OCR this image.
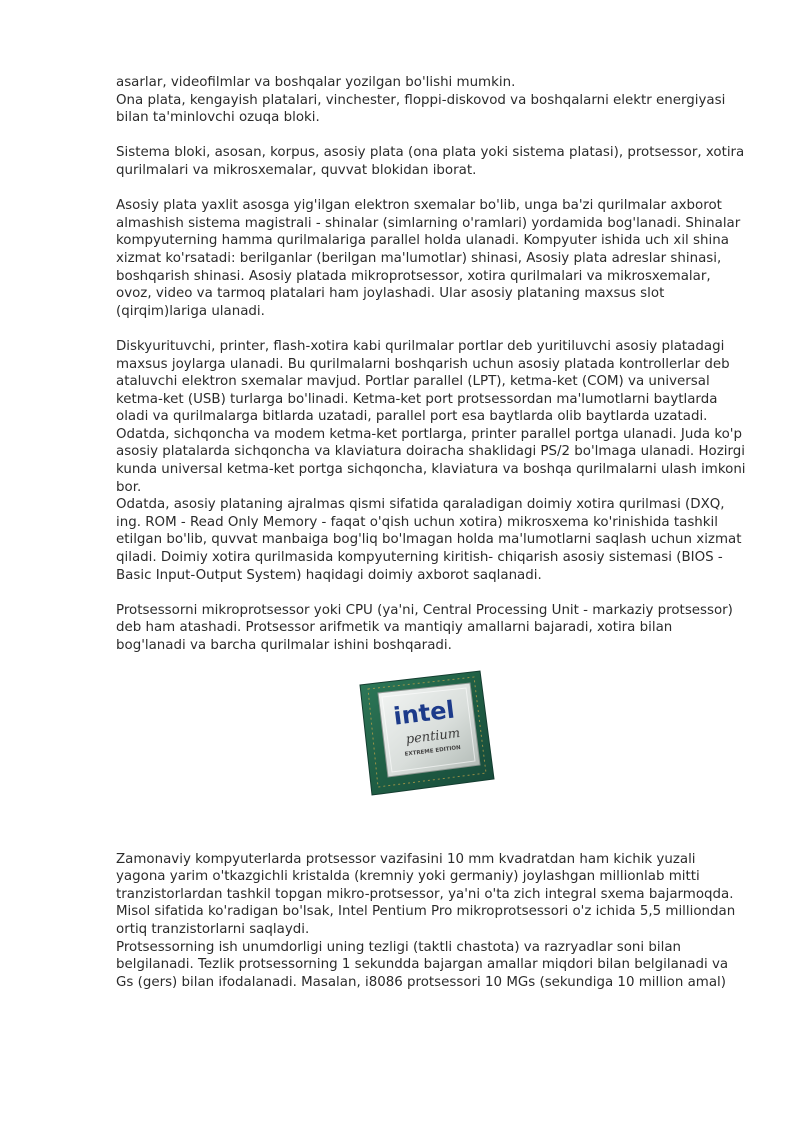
asarlar, videofilmlar va boshqalar yozilgan bo'lishi mumkin.

Ona plata, kengayish plataIari, vinchester, floppi-diskovod va boshqalarni elektr energiyasi bilan ta'minlovchi ozuqa bloki.

Sistema bloki, asosan, korpus, asosiy plata (ona plata yoki sistema platasi), protsessor, xotira qurilmalari va mikrosxemalar, quvvat blokidan iborat.

Asosiy plata yaxlit asosga yig'ilgan elektron sxemalar bo'lib, unga ba'zi qurilmalar axborot almashish sistema magistrali - shinalar (simlarning o'ramlari) yordamida bog'lanadi. Shinalar kompyuterning hamma qurilmalariga parallel holda ulanadi. Kompyuter ishida uch xil shina xizmat ko'rsatadi: berilganlar (berilgan ma'lumotlar) shinasi, Asosiy plata adreslar shinasi, boshqarish shinasi. Asosiy platada mikroprotsessor, xotira qurilmalari va mikrosxemalar, ovoz, video va tarmoq platalari ham joylashadi. Ular asosiy plataning maxsus slot (qirqim)lariga ulanadi.

Diskyurituvchi, printer, flash-xotira kabi qurilmalar portlar deb yuritiluvchi asosiy platadagi maxsus joylarga ulanadi. Bu qurilmalarni boshqarish uchun asosiy platada kontrollerlar deb ataluvchi elektron sxemalar mavjud. Portlar parallel (LPT), ketma-ket (COM) va universal ketma-ket (USB) turlarga bo'linadi. Ketma-ket port protsessordan ma'lumotlarni baytlarda oladi va qurilmalarga bitlarda uzatadi, parallel port esa baytlarda olib baytlarda uzatadi. Odatda, sichqoncha va modem ketma-ket portlarga, printer parallel portga ulanadi. Juda ko'p asosiy platalarda sichqoncha va klaviatura doiracha shaklidagi PS/2 bo'lmaga ulanadi. Hozirgi kunda universal ketma-ket portga sichqoncha, klaviatura va boshqa qurilmalarni ulash imkoni bor.

Odatda, asosiy plataning ajralmas qismi sifatida qaraladigan doimiy xotira qurilmasi (DXQ, ing. ROM - Read Only Memory - faqat o'qish uchun xotira) mikrosxema ko'rinishida tashkil etilgan bo'lib, quvvat manbaiga bog'liq bo'lmagan holda ma'lumotlarni saqlash uchun xizmat qiladi. Doimiy xotira qurilmasida kompyuterning kiritish- chiqarish asosiy sistemasi (BIOS - Basic Input-Output System) haqidagi doimiy axborot saqlanadi.

Protsessorni mikroprotsessor yoki CPU (ya'ni, Central Processing Unit - markaziy protsessor) deb ham atashadi. Protsessor arifmetik va mantiqiy amallarni bajaradi, xotira bilan bog'lanadi va barcha qurilmalar ishini boshqaradi.

intel
pentium
EXTREME EDITION

Zamonaviy kompyuterlarda protsessor vazifasini 10 mm kvadratdan ham kichik yuzali yagona yarim o'tkazgichli kristalda (kremniy yoki germaniy) joylashgan millionlab mitti tranzistorlardan tashkil topgan mikro-protsessor, ya'ni o'ta zich integral sxema bajarmoqda. Misol sifatida ko'radigan bo'lsak, Intel Pentium Pro mikroprotsessori o'z ichida 5,5 milliondan ortiq tranzistorlarni saqlaydi.

Protsessorning ish unumdorligi uning tezligi (taktli chastota) va razryadlar soni bilan belgilanadi. Tezlik protsessorning 1 sekundda bajargan amallar miqdori bilan belgilanadi va Gs (gers) bilan ifodalanadi. Masalan, i8086 protsessori 10 MGs (sekundiga 10 million amal)
